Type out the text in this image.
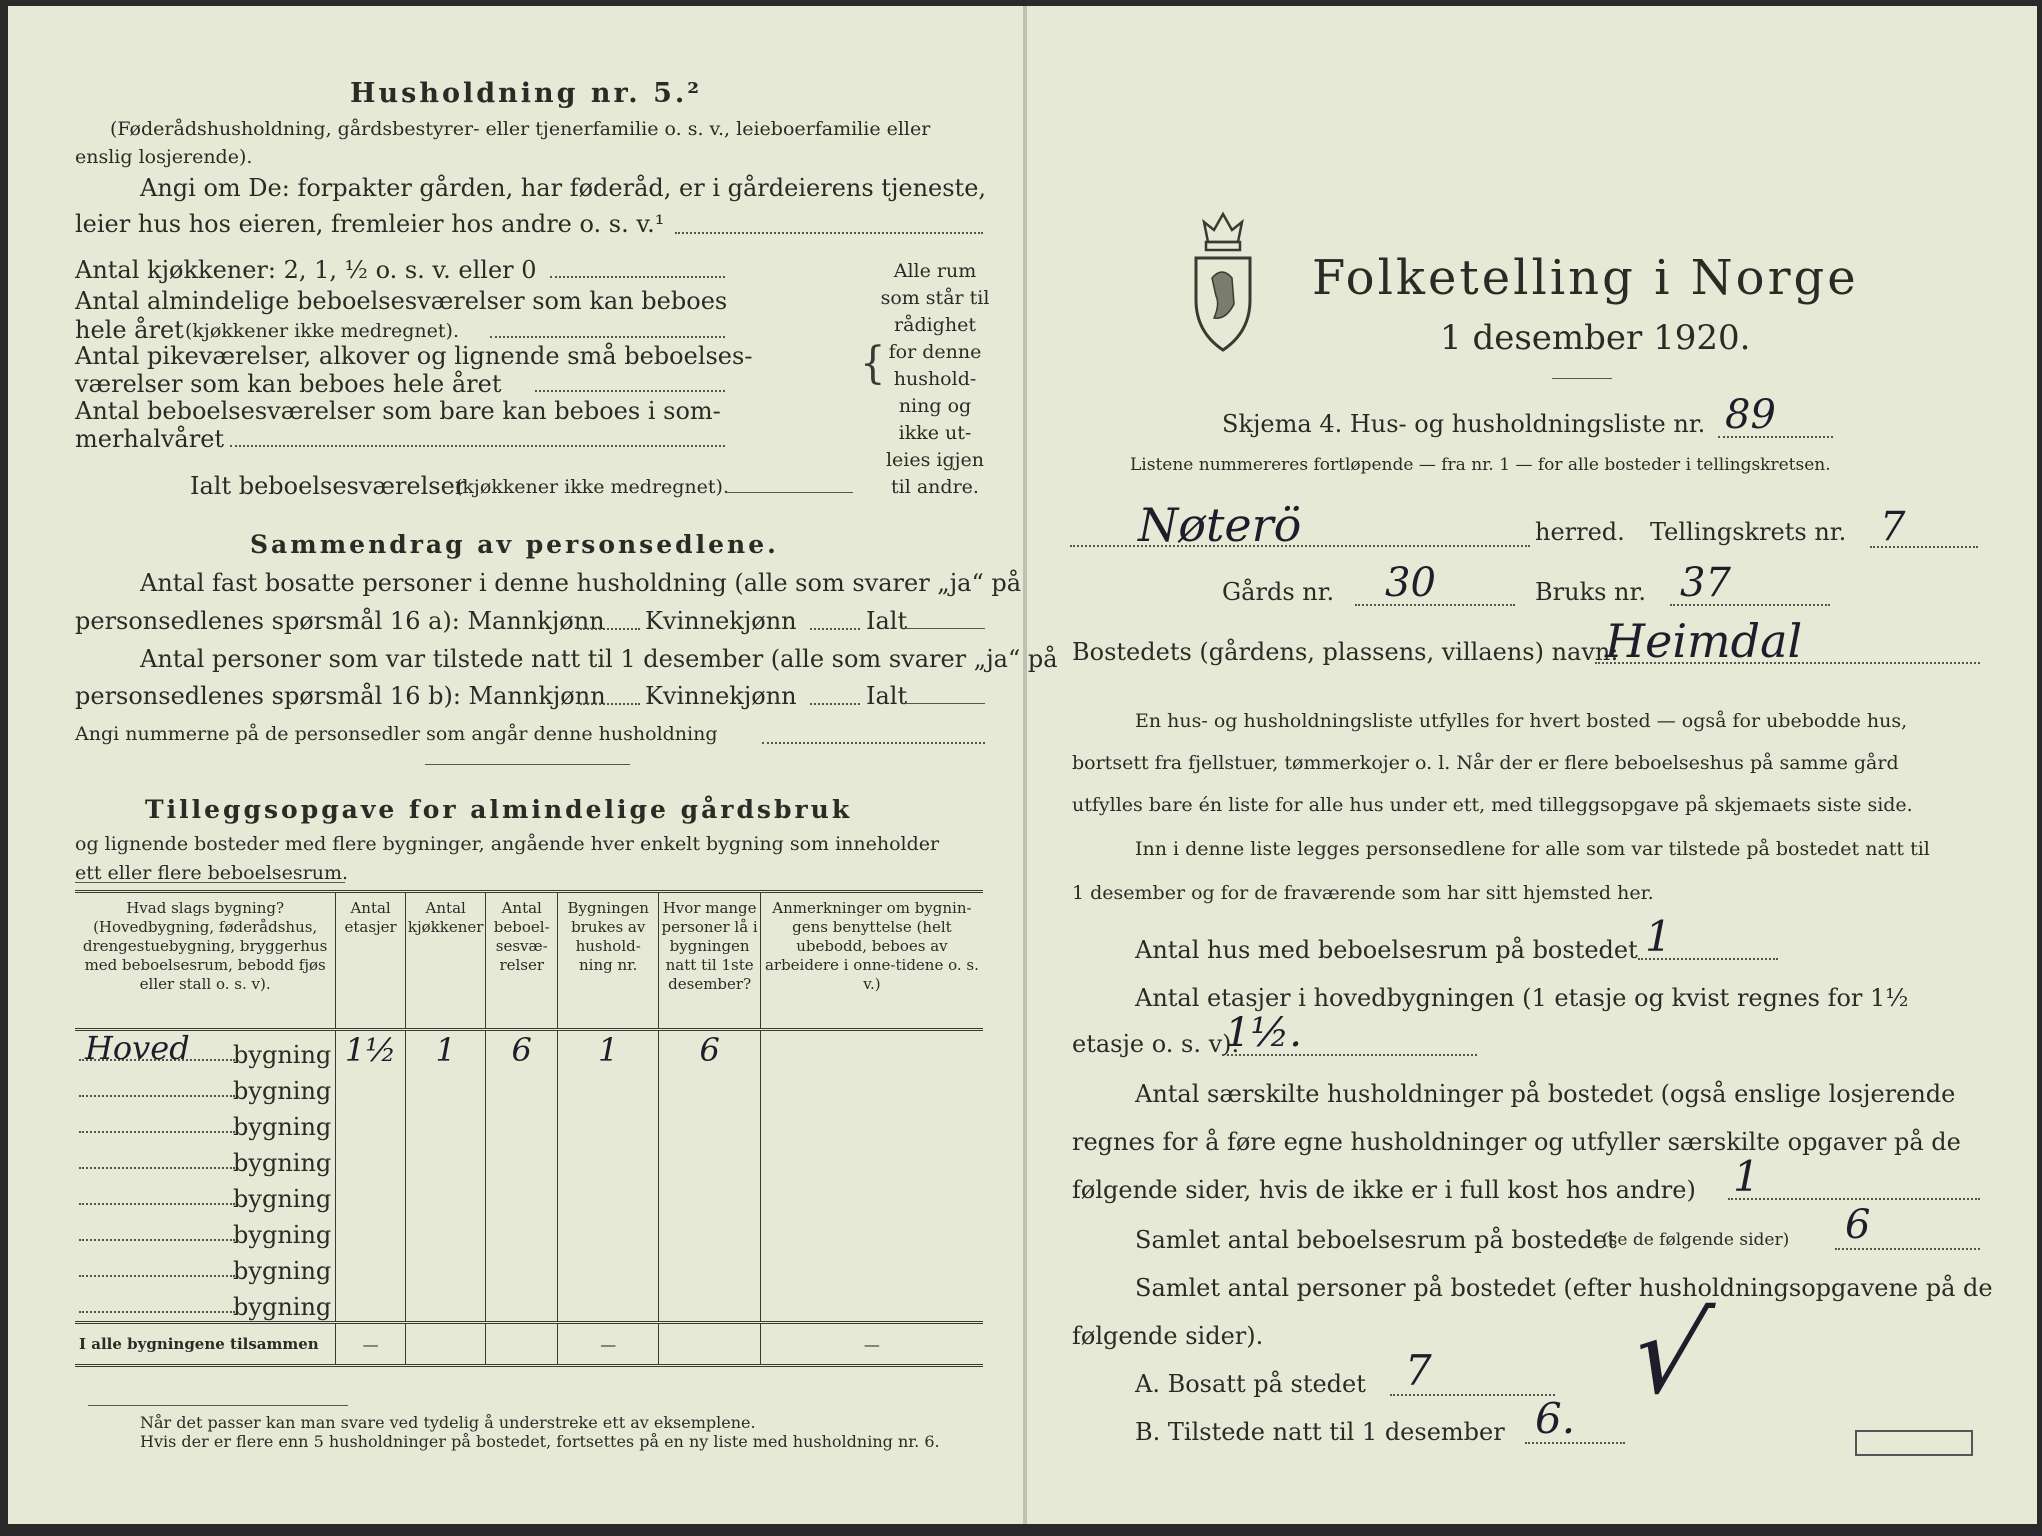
Husholdning nr. 5.²
(Føderådshusholdning, gårdsbestyrer- eller tjenerfamilie o. s. v., leieboerfamilie eller
enslig losjerende).
Angi om De: forpakter gården, har føderåd, er i gårdeierens tjeneste,
leier hus hos eieren, fremleier hos andre o. s. v.¹
Antal kjøkkener: 2, 1, ½ o. s. v. eller 0
Antal almindelige beboelsesværelser som kan beboes
hele året (kjøkkener ikke medregnet).
Antal pikeværelser, alkover og lignende små beboelses-
værelser som kan beboes hele året
Antal beboelsesværelser som bare kan beboes i som-
merhalvåret
Ialt beboelsesværelser
(kjøkkener ikke medregnet).
{
Alle rum
som står til
rådighet
for denne
hushold-
ning og
ikke ut-
leies igjen
til andre.
Sammendrag av personsedlene.
Antal fast bosatte personer i denne husholdning (alle som svarer „ja“ på
personsedlenes spørsmål 16 a): Mannkjønn Kvinnekjønn	Ialt
Antal personer som var tilstede natt til 1 desember (alle som svarer „ja“ på
personsedlenes spørsmål 16 b): Mannkjønn Kvinnekjønn	Ialt
Angi nummerne på de personsedler som angår denne husholdning
Tilleggsopgave for almindelige gårdsbruk
og lignende bosteder med flere bygninger, angående hver enkelt bygning som inneholder
ett eller flere beboelsesrum.
Hvad slags bygning? (Hovedbygning, føderådshus, drengestuebygning, bryggerhus med beboelsesrum, bebodd fjøs eller stall o. s. v).	Antal etasjer	Antal kjøkkener	Antal beboel-sesvæ-relser	Bygningen brukes av hushold-ning nr.	Hvor mange personer lå i bygningen natt til 1ste desember?	Anmerkninger om bygnin-gens benyttelse (helt ubebodd, beboes av arbeidere i onne-tidene o. s. v.)

Hoved bygning	1½	1	6	1	6	

bygning						

bygning						

bygning						

bygning						

bygning						

bygning						

bygning						
I alle bygningene tilsammen	—			—		—
Når det passer kan man svare ved tydelig å understreke ett av eksemplene.
Hvis der er flere enn 5 husholdninger på bostedet, fortsettes på en ny liste med husholdning nr. 6.
Folketelling i Norge
1 desember 1920.
Skjema 4. Hus- og husholdningsliste nr. 89
Listene nummereres fortløpende — fra nr. 1 — for alle bosteder i tellingskretsen.
Nøterö	herred. Tellingskrets nr. 7
Gårds nr. 30	Bruks nr. 37
Bostedets (gårdens, plassens, villaens) navn:
Heimdal
En hus- og husholdningsliste utfylles for hvert bosted — også for ubebodde hus,
bortsett fra fjellstuer, tømmerkojer o. l. Når der er flere beboelseshus på samme gård
utfylles bare én liste for alle hus under ett, med tilleggsopgave på skjemaets siste side.
Inn i denne liste legges personsedlene for alle som var tilstede på bostedet natt til
1 desember og for de fraværende som har sitt hjemsted her.
Antal hus med beboelsesrum på bostedet 1
Antal etasjer i hovedbygningen (1 etasje og kvist regnes for 1½
etasje o. s. v).
1½.
Antal særskilte husholdninger på bostedet (også enslige losjerende
regnes for å føre egne husholdninger og utfyller særskilte opgaver på de
følgende sider, hvis de ikke er i full kost hos andre) 1
Samlet antal beboelsesrum på bostedet
(se de følgende sider) 6
Samlet antal personer på bostedet (efter husholdningsopgavene på de
følgende sider).
A. Bosatt på stedet 7
B. Tilstede natt til 1 desember 6.
√
